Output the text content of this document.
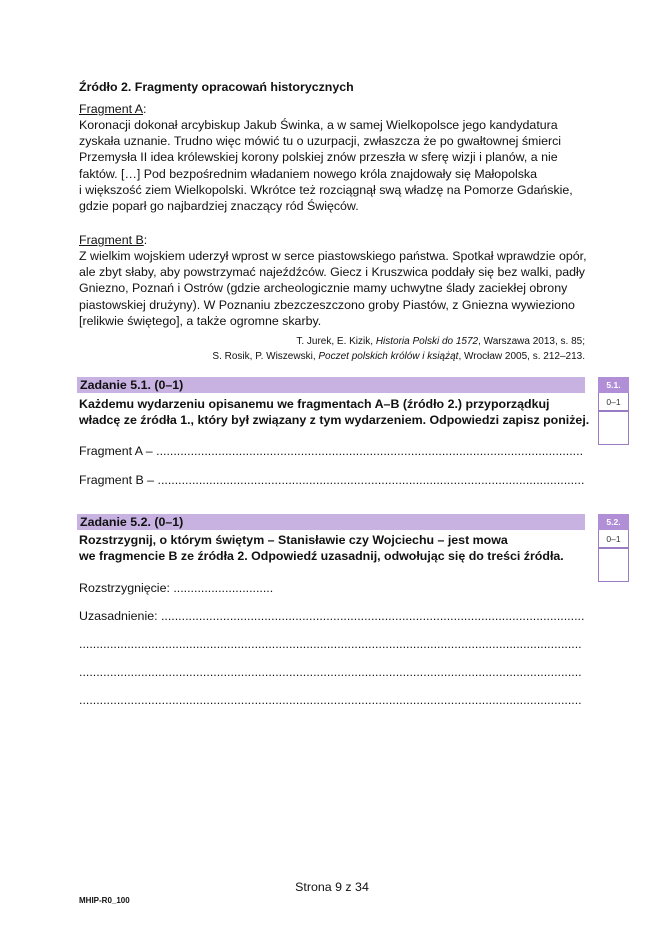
Źródło 2. Fragmenty opracowań historycznych
Fragment A:
Koronacji dokonał arcybiskup Jakub Świnka, a w samej Wielkopolsce jego kandydatura
zyskała uznanie. Trudno więc mówić tu o uzurpacji, zwłaszcza że po gwałtownej śmierci
Przemysła II idea królewskiej korony polskiej znów przeszła w sferę wizji i planów, a nie
faktów. […] Pod bezpośrednim władaniem nowego króla znajdowały się Małopolska
i większość ziem Wielkopolski. Wkrótce też rozciągnął swą władzę na Pomorze Gdańskie,
gdzie poparł go najbardziej znaczący ród Święców.
Fragment B:
Z wielkim wojskiem uderzył wprost w serce piastowskiego państwa. Spotkał wprawdzie opór,
ale zbyt słaby, aby powstrzymać najeźdźców. Giecz i Kruszwica poddały się bez walki, padły
Gniezno, Poznań i Ostrów (gdzie archeologicznie mamy uchwytne ślady zaciekłej obrony
piastowskiej drużyny). W Poznaniu zbezczeszczono groby Piastów, z Gniezna wywieziono
[relikwie świętego], a także ogromne skarby.
T. Jurek, E. Kizik, Historia Polski do 1572, Warszawa 2013, s. 85;
S. Rosik, P. Wiszewski, Poczet polskich królów i książąt, Wrocław 2005, s. 212–213.
Zadanie 5.1. (0–1)
Każdemu wydarzeniu opisanemu we fragmentach A–B (źródło 2.) przyporządkuj
władcę ze źródła 1., który był związany z tym wydarzeniem. Odpowiedzi zapisz poniżej.
5.1.
0–1
Fragment A – ............................................................................................................................
Fragment B – ............................................................................................................................
Zadanie 5.2. (0–1)
Rozstrzygnij, o którym świętym – Stanisławie czy Wojciechu – jest mowa
we fragmencie B ze źródła 2. Odpowiedź uzasadnij, odwołując się do treści źródła.
5.2.
0–1
Rozstrzygnięcie: .............................
Uzasadnienie: ...........................................................................................................................
..................................................................................................................................................
..................................................................................................................................................
..................................................................................................................................................
Strona 9 z 34
MHIP-R0_100
